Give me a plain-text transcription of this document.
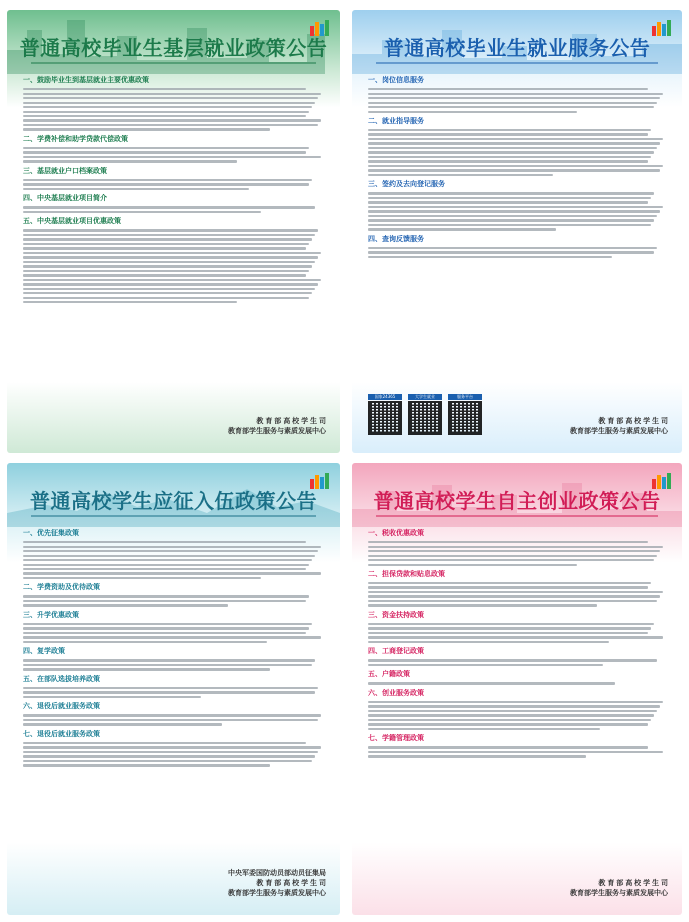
普通高校毕业生基层就业政策公告
一、鼓励毕业生到基层就业主要优惠政策
二、学费补偿和助学贷款代偿政策
三、基层就业户口档案政策
四、中央基层就业项目简介
五、中央基层就业项目优惠政策
教 育 部 高 校 学 生 司
教育部学生服务与素质发展中心
普通高校毕业生就业服务公告
一、岗位信息服务
二、就业指导服务
三、签约及去向登记服务
四、查询反馈服务
国家24365	大学生就业	服务平台
教 育 部 高 校 学 生 司
教育部学生服务与素质发展中心
普通高校学生应征入伍政策公告
一、优先征集政策
二、学费资助及优待政策
三、升学优惠政策
四、复学政策
五、在部队选拔培养政策
六、退役后就业服务政策
七、退役后就业服务政策
中央军委国防动员部动员征集局
教 育 部 高 校 学 生 司
教育部学生服务与素质发展中心
普通高校学生自主创业政策公告
一、税收优惠政策
二、担保贷款和贴息政策
三、资金扶持政策
四、工商登记政策
五、户籍政策
六、创业服务政策
七、学籍管理政策
教 育 部 高 校 学 生 司
教育部学生服务与素质发展中心
